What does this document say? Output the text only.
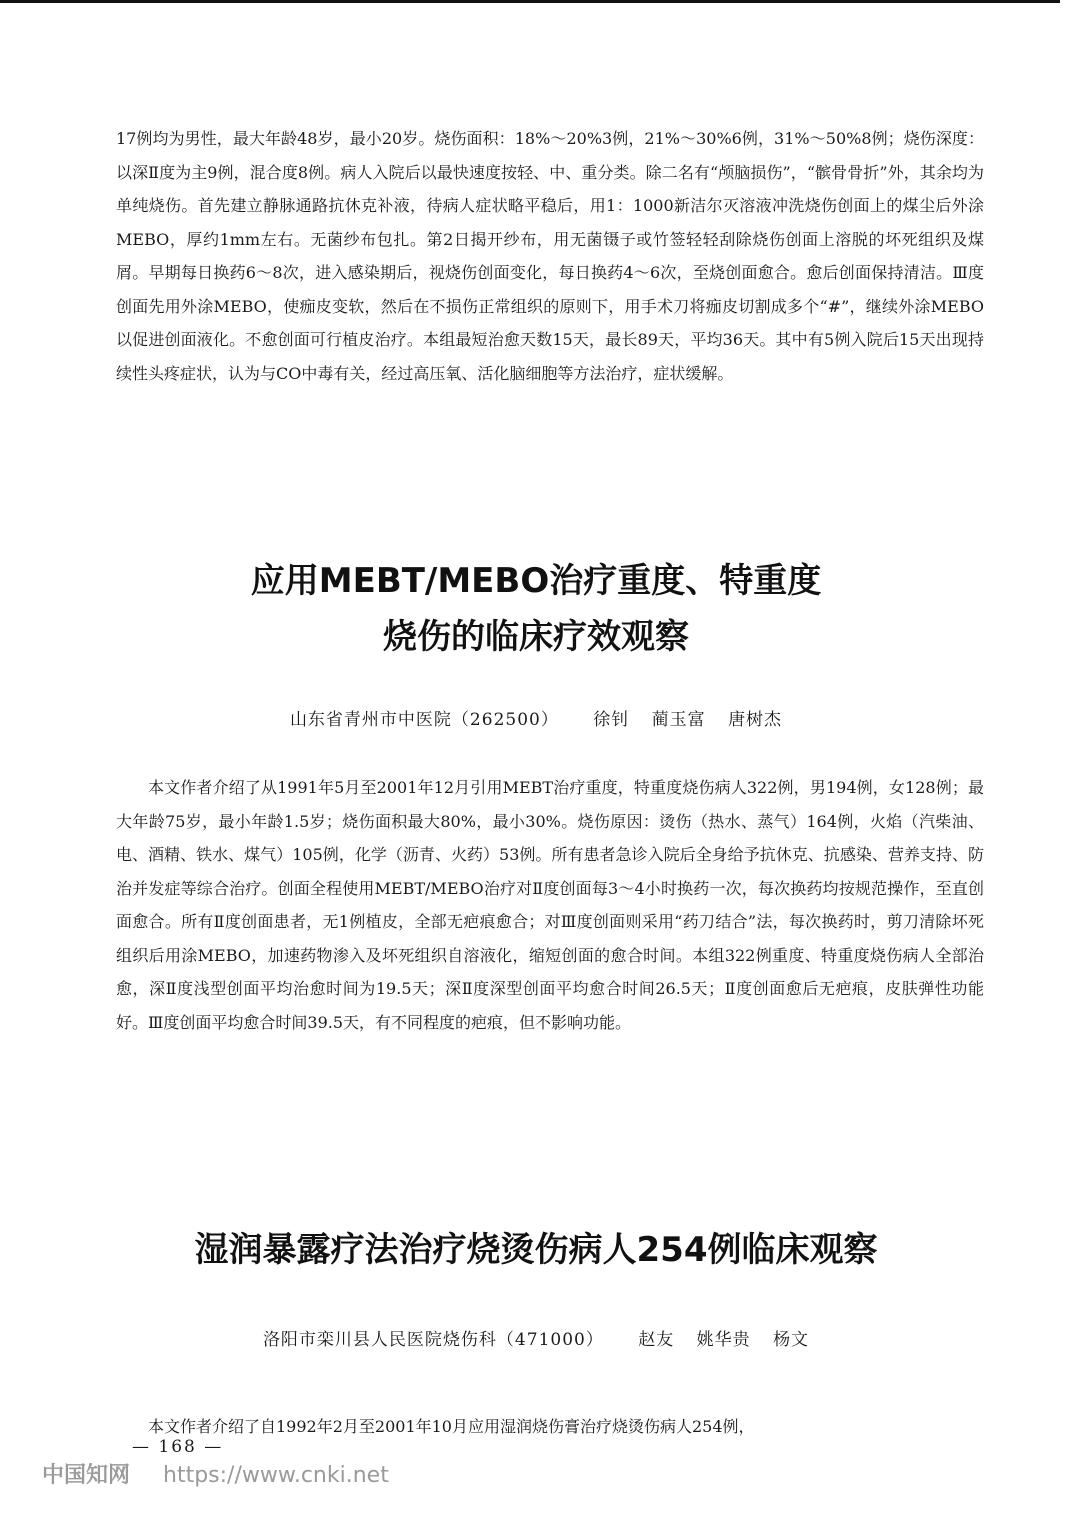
17例均为男性，最大年龄48岁，最小20岁。烧伤面积：18%～20%3例，21%～30%6例，31%～50%8例；烧伤深度：以深Ⅱ度为主9例，混合度8例。病人入院后以最快速度按轻、中、重分类。除二名有“颅脑损伤”，“髌骨骨折”外，其余均为单纯烧伤。首先建立静脉通路抗休克补液，待病人症状略平稳后，用1：1000新洁尔灭溶液冲洗烧伤创面上的煤尘后外涂MEBO，厚约1mm左右。无菌纱布包扎。第2日揭开纱布，用无菌镊子或竹签轻轻刮除烧伤创面上溶脱的坏死组织及煤屑。早期每日换药6～8次，进入感染期后，视烧伤创面变化，每日换药4～6次，至烧创面愈合。愈后创面保持清洁。Ⅲ度创面先用外涂MEBO，使痂皮变软，然后在不损伤正常组织的原则下，用手术刀将痂皮切割成多个“#”，继续外涂MEBO以促进创面液化。不愈创面可行植皮治疗。本组最短治愈天数15天，最长89天，平均36天。其中有5例入院后15天出现持续性头疼症状，认为与CO中毒有关，经过高压氧、活化脑细胞等方法治疗，症状缓解。

应用MEBT/MEBO治疗重度、特重度
烧伤的临床疗效观察
山东省青州市中医院（262500） 徐钊 蔺玉富 唐树杰

本文作者介绍了从1991年5月至2001年12月引用MEBT治疗重度，特重度烧伤病人322例，男194例，女128例；最大年龄75岁，最小年龄1.5岁；烧伤面积最大80%，最小30%。烧伤原因：烫伤（热水、蒸气）164例，火焰（汽柴油、电、酒精、铁水、煤气）105例，化学（沥青、火药）53例。所有患者急诊入院后全身给予抗休克、抗感染、营养支持、防治并发症等综合治疗。创面全程使用MEBT/MEBO治疗对Ⅱ度创面每3～4小时换药一次，每次换药均按规范操作，至直创面愈合。所有Ⅱ度创面患者，无1例植皮，全部无疤痕愈合；对Ⅲ度创面则采用“药刀结合”法，每次换药时，剪刀清除坏死组织后用涂MEBO，加速药物渗入及坏死组织自溶液化，缩短创面的愈合时间。本组322例重度、特重度烧伤病人全部治愈，深Ⅱ度浅型创面平均治愈时间为19.5天；深Ⅱ度深型创面平均愈合时间26.5天；Ⅱ度创面愈后无疤痕，皮肤弹性功能好。Ⅲ度创面平均愈合时间39.5天，有不同程度的疤痕，但不影响功能。

湿润暴露疗法治疗烧烫伤病人254例临床观察
洛阳市栾川县人民医院烧伤科（471000） 赵友 姚华贵 杨文

本文作者介绍了自1992年2月至2001年10月应用湿润烧伤膏治疗烧烫伤病人254例，

— 168 —
中国知网 https://www.cnki.net
